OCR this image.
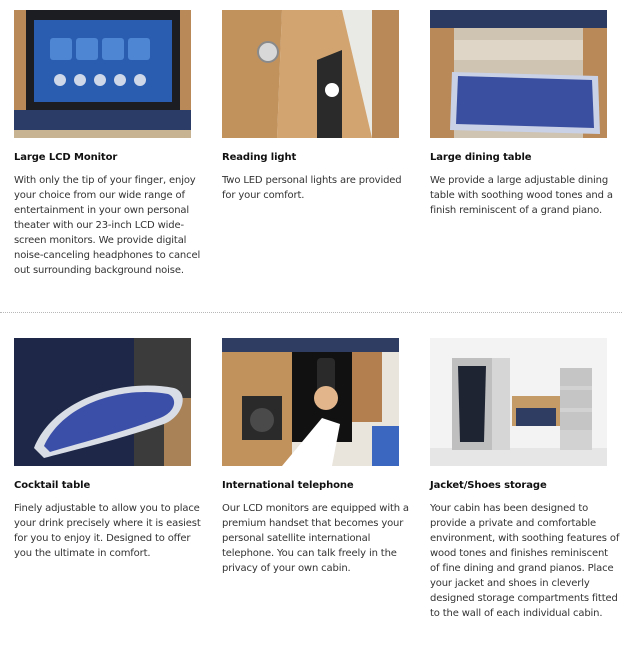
Large LCD Monitor
With only the tip of your finger, enjoy your choice from our wide range of entertainment in your own personal theater with our 23-inch LCD wide-screen monitors. We provide digital noise-canceling headphones to cancel out surrounding background noise.
Reading light
Two LED personal lights are provided for your comfort.
Large dining table
We provide a large adjustable dining table with soothing wood tones and a finish reminiscent of a grand piano.
Cocktail table
Finely adjustable to allow you to place your drink precisely where it is easiest for you to enjoy it. Designed to offer you the ultimate in comfort.
International telephone
Our LCD monitors are equipped with a premium handset that becomes your personal satellite international telephone. You can talk freely in the privacy of your own cabin.
Jacket/Shoes storage
Your cabin has been designed to provide a private and comfortable environment, with soothing features of wood tones and finishes reminiscent of fine dining and grand pianos. Place your jacket and shoes in cleverly designed storage compartments fitted to the wall of each individual cabin.
